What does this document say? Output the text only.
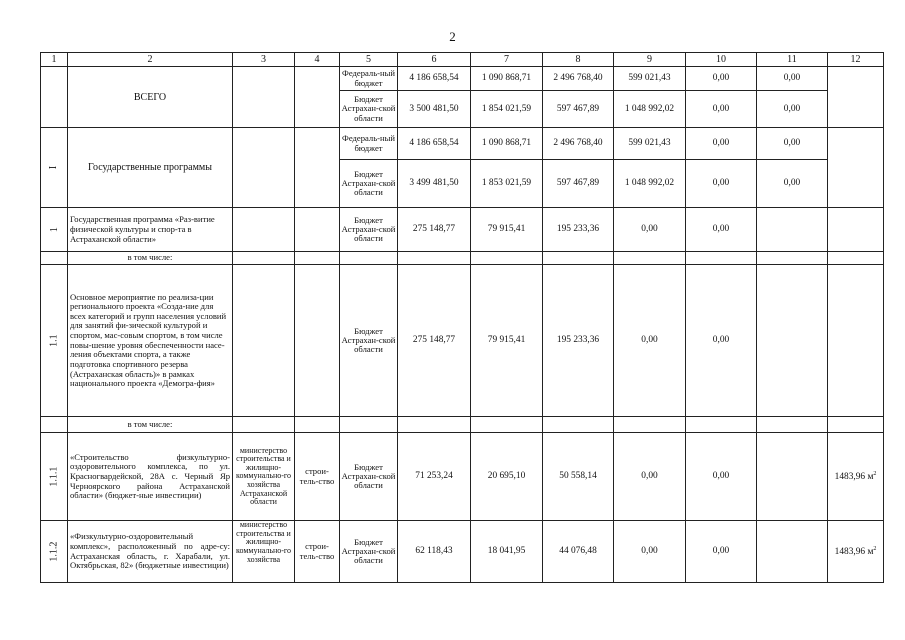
2
1	2	3	4	5	6	7	8	9	10	11	12
	ВСЕГО			Федераль-ный бюджет	4 186 658,54	1 090 868,71	2 496 768,40	599 021,43	0,00	0,00	
				Бюджет Астрахан-ской области	3 500 481,50	1 854 021,59	597 467,89	1 048 992,02	0,00	0,00	
I	Государственные программы			Федераль-ный бюджет	4 186 658,54	1 090 868,71	2 496 768,40	599 021,43	0,00	0,00	
				Бюджет Астрахан-ской области	3 499 481,50	1 853 021,59	597 467,89	1 048 992,02	0,00	0,00	
1	Государственная программа «Раз-витие физической культуры и спор-та в Астраханской области»			Бюджет Астрахан-ской области	275 148,77	79 915,41	195 233,36	0,00	0,00		
	в том числе:										
1.1	Основное мероприятие по реализа-ции регионального проекта «Созда-ние для всех категорий и групп населения условий для занятий фи-зической культурой и спортом, мас-совым спортом, в том числе повы-шение уровня обеспеченности насе-ления объектами спорта, а также подготовка спортивного резерва (Астраханская область)» в рамках национального проекта «Демогра-фия»			Бюджет Астрахан-ской области	275 148,77	79 915,41	195 233,36	0,00	0,00		
	в том числе:										
1.1.1	«Строительство физкультурно-оздоровительного комплекса, по ул. Красногвардейской, 28А с. Черный Яр Черноярского района Астраханской области» (бюджет-ные инвестиции)	министерство строительства и жилищно-коммунально-го хозяйства Астраханской области	строи-тель-ство	Бюджет Астрахан-ской области	71 253,24	20 695,10	50 558,14	0,00	0,00		1483,96 $м^2$
1.1.2	«Физкультурно-оздоровительный комплекс», расположенный по адре-су: Астраханская область, г. Харабали, ул. Октябрьская, 82» (бюджетные инвестиции)	министерство строительства и жилищно-коммунально-го хозяйства	строи-тель-ство	Бюджет Астрахан-ской области	62 118,43	18 041,95	44 076,48	0,00	0,00		1483,96 $м^2$
